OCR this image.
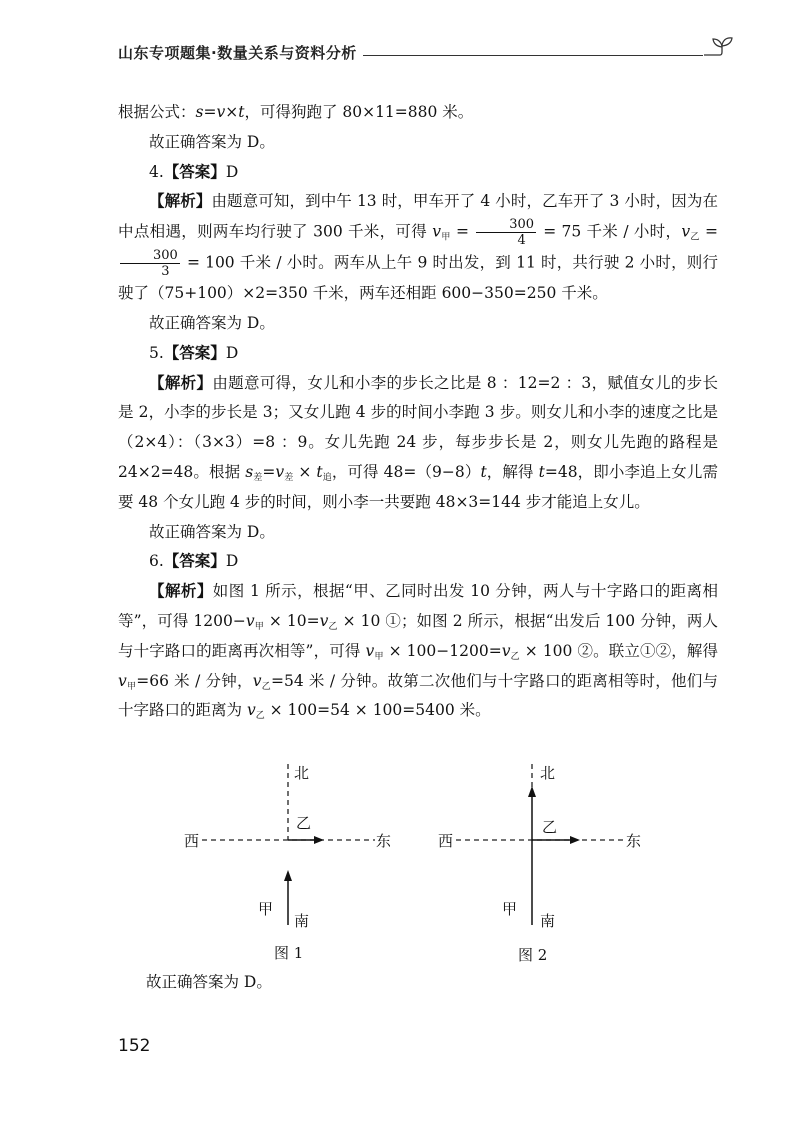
山东专项题集·数量关系与资料分析

根据公式：s=v×t，可得狗跑了 80×11=880 米。

故正确答案为 D。

4.【答案】D

【解析】由题意可知，到中午 13 时，甲车开了 4 小时，乙车开了 3 小时，因为在中点相遇，则两车均行驶了 300 千米，可得 $v_甲 = \frac{300}{4} = 75$ 千米 / 小时，$v_乙$ =
$\frac{300}{3} = 100$ 千米 / 小时。两车从上午 9 时出发，到 11 时，共行驶 2 小时，则行驶了（75+100）×2=350 千米，两车还相距 600−350=250 千米。

故正确答案为 D。

5.【答案】D

【解析】由题意可得，女儿和小李的步长之比是 8 ：12=2 ：3，赋值女儿的步长是 2，小李的步长是 3；又女儿跑 4 步的时间小李跑 3 步。则女儿和小李的速度之比是（2×4）：（3×3）=8 ：9。女儿先跑 24 步，每步步长是 2，则女儿先跑的路程是 24×2=48。根据 $s_差=v_差 \times t_追$，可得 48=（9−8）t，解得 t=48，即小李追上女儿需要 48 个女儿跑 4 步的时间，则小李一共要跑 48×3=144 步才能追上女儿。

故正确答案为 D。

6.【答案】D

【解析】如图 1 所示，根据“甲、乙同时出发 10 分钟，两人与十字路口的距离相等”，可得 $1200-v_甲 \times 10=v_乙 \times 10$ ①；如图 2 所示，根据“出发后 100 分钟，两人与十字路口的距离再次相等”，可得 $v_甲 \times 100-1200=v_乙 \times 100$ ②。联立①②，解得 $v_甲=66$ 米 / 分钟，$v_乙=54$ 米 / 分钟。故第二次他们与十字路口的距离相等时，他们与十字路口的距离为 $v_乙 \times 100=54 \times 100=5400$ 米。

北
西	东
乙
甲
南
图 1
北
西	东
乙
甲
南
图 2
故正确答案为 D。
152
